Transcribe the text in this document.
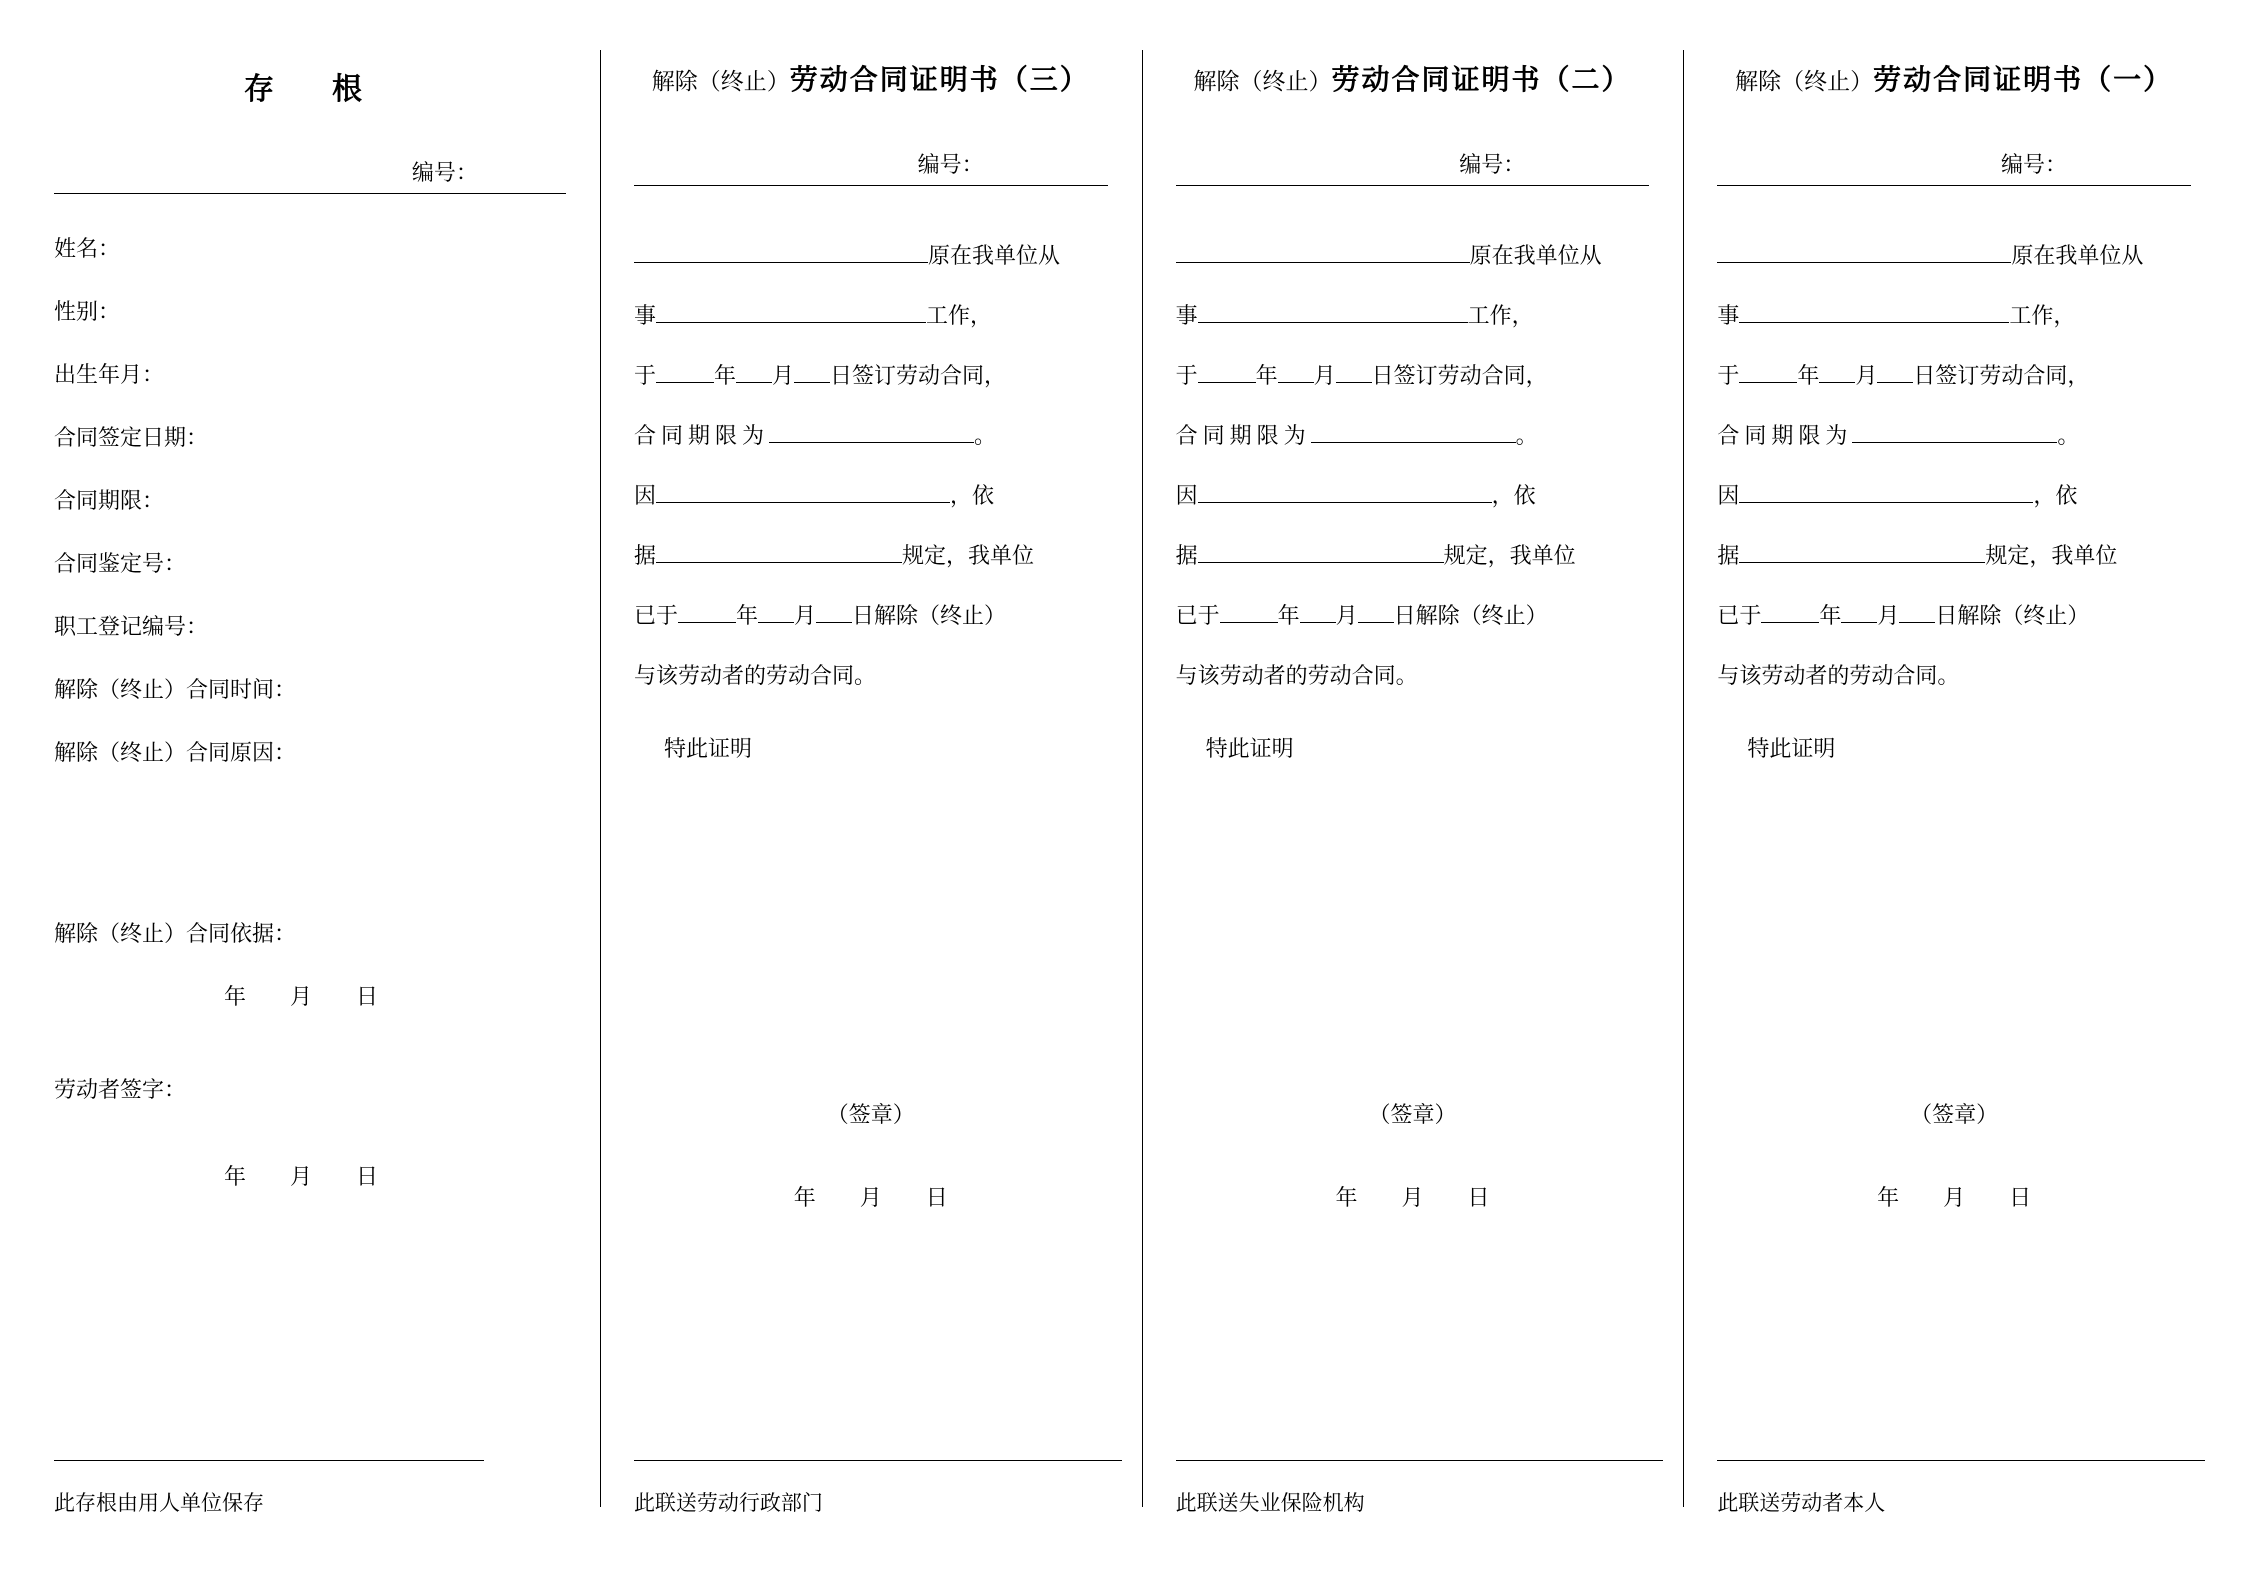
存　根
编号：
姓名：
性别：
出生年月：
合同签定日期：
合同期限：
合同鉴定号：
职工登记编号：
解除（终止）合同时间：
解除（终止）合同原因：
解除（终止）合同依据：
年 月 日
劳动者签字：
年 月 日
此存根由用人单位保存
解除（终止）劳动合同证明书（三）
编号：

原在我单位从

事	工作，

于	年 月 日签订劳动合同，

合同期限为	。

因	，依

据	规定，我单位

已于	年 月 日解除（终止）

与该劳动者的劳动合同。

特此证明
（签章）
年 月 日
此联送劳动行政部门
解除（终止）劳动合同证明书（二）
编号：

原在我单位从

事	工作，

于	年 月 日签订劳动合同，

合同期限为	。

因	，依

据	规定，我单位

已于	年 月 日解除（终止）

与该劳动者的劳动合同。

特此证明
（签章）
年 月 日
此联送失业保险机构
解除（终止）劳动合同证明书（一）
编号：

原在我单位从

事	工作，

于	年 月 日签订劳动合同，

合同期限为	。

因	，依

据	规定，我单位

已于	年 月 日解除（终止）

与该劳动者的劳动合同。

特此证明
（签章）
年 月 日
此联送劳动者本人
